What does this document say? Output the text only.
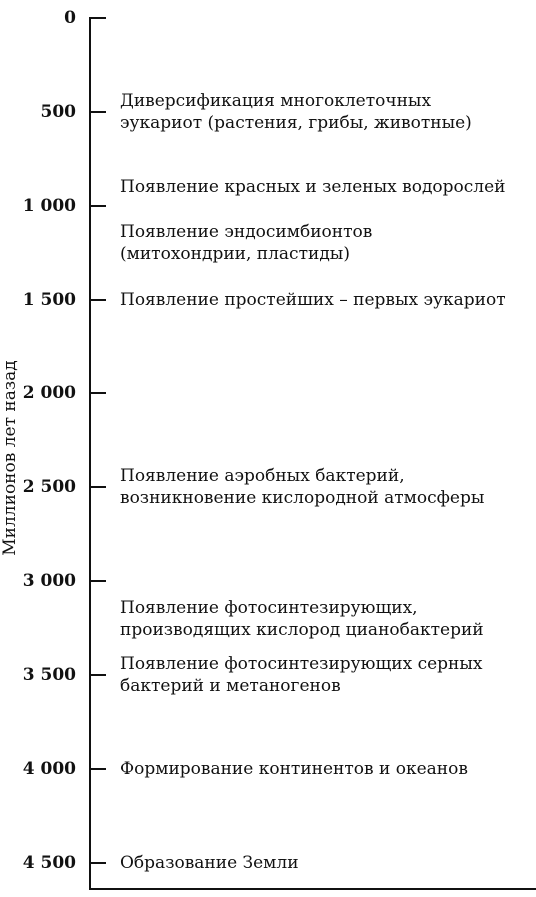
Миллионов лет назад
0
500
1 000
1 500
2 000
2 500
3 000
3 500
4 000
4 500
Диверсификация многоклеточных
эукариот (растения, грибы, животные)
Появление красных и зеленых водорослей
Появление эндосимбионтов
(митохондрии, пластиды)
Появление простейших – первых эукариот
Появление аэробных бактерий,
возникновение кислородной атмосферы
Появление фотосинтезирующих,
производящих кислород цианобактерий
Появление фотосинтезирующих серных
бактерий и метаногенов
Формирование континентов и океанов
Образование Земли
